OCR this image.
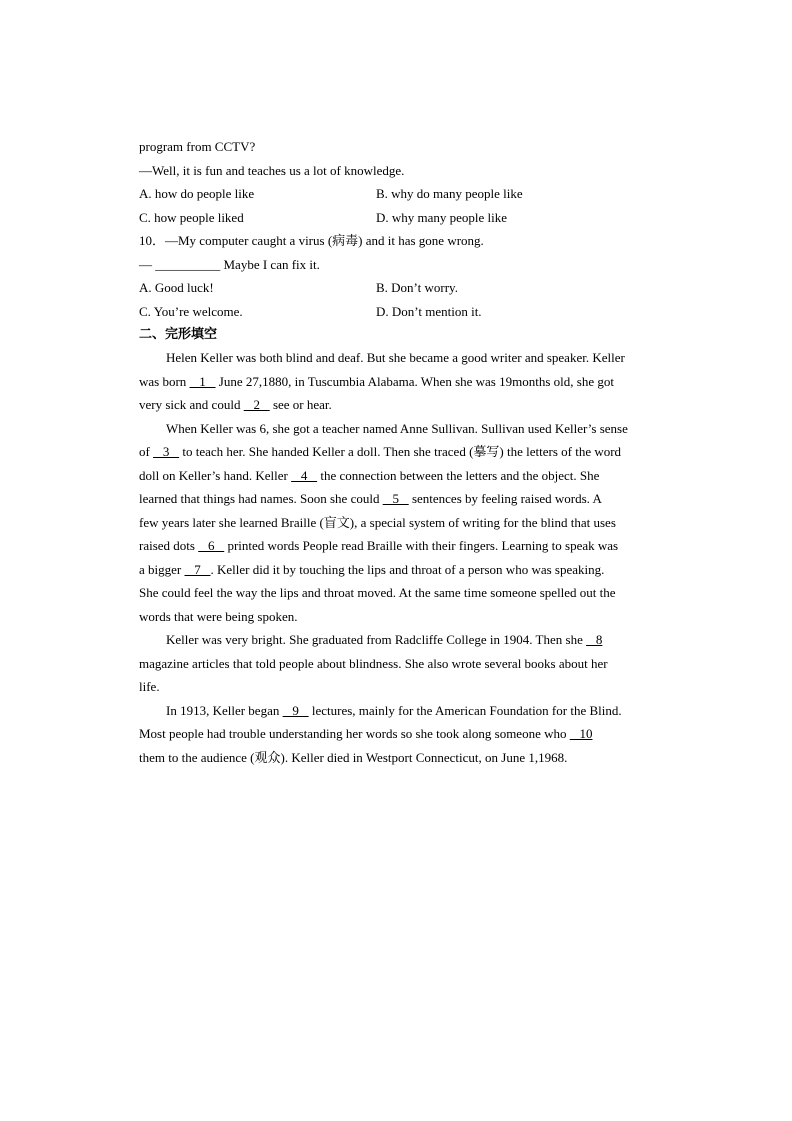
program from CCTV?
—Well, it is fun and teaches us a lot of knowledge.
A. how do people like	B. why do many people like
C. how people liked	D. why many people like
10．—My computer caught a virus (病毒) and it has gone wrong.
— __________ Maybe I can fix it.
A. Good luck!	B. Don’t worry.
C. You’re welcome.	D. Don’t mention it.
二、完形填空
Helen Keller was both blind and deaf. But she became a good writer and speaker. Keller
was born    1    June 27,1880, in Tuscumbia Alabama. When she was 19months old, she got
very sick and could    2    see or hear.
When Keller was 6, she got a teacher named Anne Sullivan. Sullivan used Keller’s sense
of    3    to teach her. She handed Keller a doll. Then she traced (摹写) the letters of the word
doll on Keller’s hand. Keller    4    the connection between the letters and the object. She
learned that things had names. Soon she could    5    sentences by feeling raised words. A
few years later she learned Braille (盲文), a special system of writing for the blind that uses
raised dots    6    printed words People read Braille with their fingers. Learning to speak was
a bigger    7   . Keller did it by touching the lips and throat of a person who was speaking.
She could feel the way the lips and throat moved. At the same time someone spelled out the
words that were being spoken.
Keller was very bright. She graduated from Radcliffe College in 1904. Then she    8
magazine articles that told people about blindness. She also wrote several books about her
life.
In 1913, Keller began    9    lectures, mainly for the American Foundation for the Blind.
Most people had trouble understanding her words so she took along someone who    10
them to the audience (观众). Keller died in Westport Connecticut, on June 1,1968.
